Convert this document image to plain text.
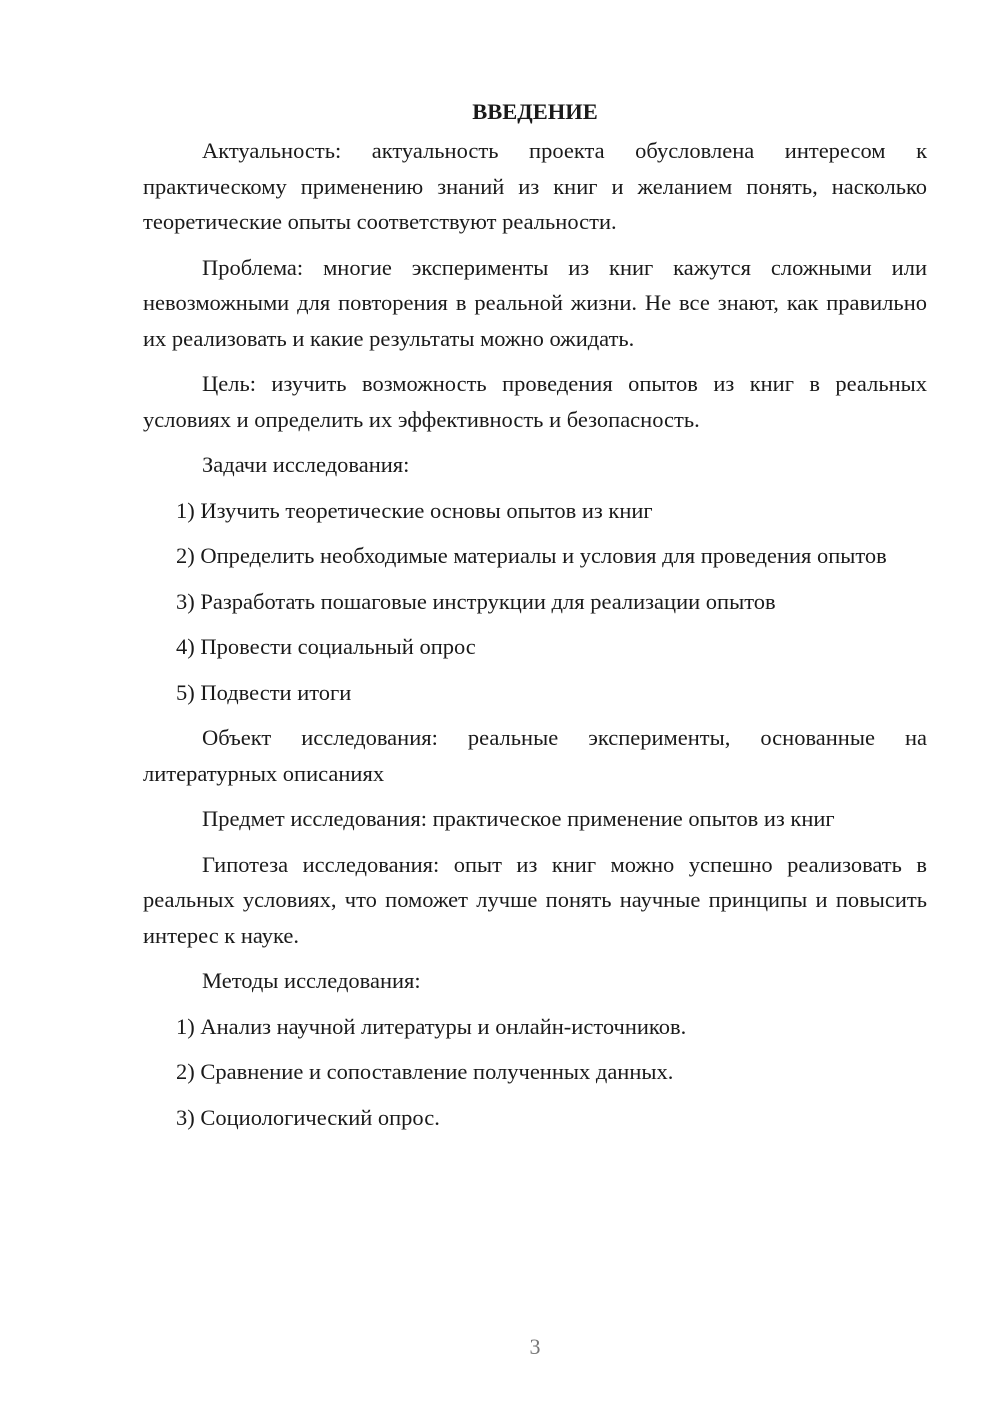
ВВЕДЕНИЕ

Актуальность: актуальность проекта обусловлена интересом к практическому применению знаний из книг и желанием понять, насколько теоретические опыты соответствуют реальности.

Проблема: многие эксперименты из книг кажутся сложными или невозможными для повторения в реальной жизни. Не все знают, как правильно их реализовать и какие результаты можно ожидать.

Цель: изучить возможность проведения опытов из книг в реальных условиях и определить их эффективность и безопасность.

Задачи исследования:

1) Изучить теоретические основы опытов из книг

2) Определить необходимые материалы и условия для проведения опытов

3) Разработать пошаговые инструкции для реализации опытов

4) Провести социальный опрос

5) Подвести итоги

Объект исследования: реальные эксперименты, основанные на литературных описаниях

Предмет исследования: практическое применение опытов из книг

Гипотеза исследования: опыт из книг можно успешно реализовать в реальных условиях, что поможет лучше понять научные принципы и повысить интерес к науке.

Методы исследования:

1) Анализ научной литературы и онлайн-источников.

2) Сравнение и сопоставление полученных данных.

3) Социологический опрос.

3
